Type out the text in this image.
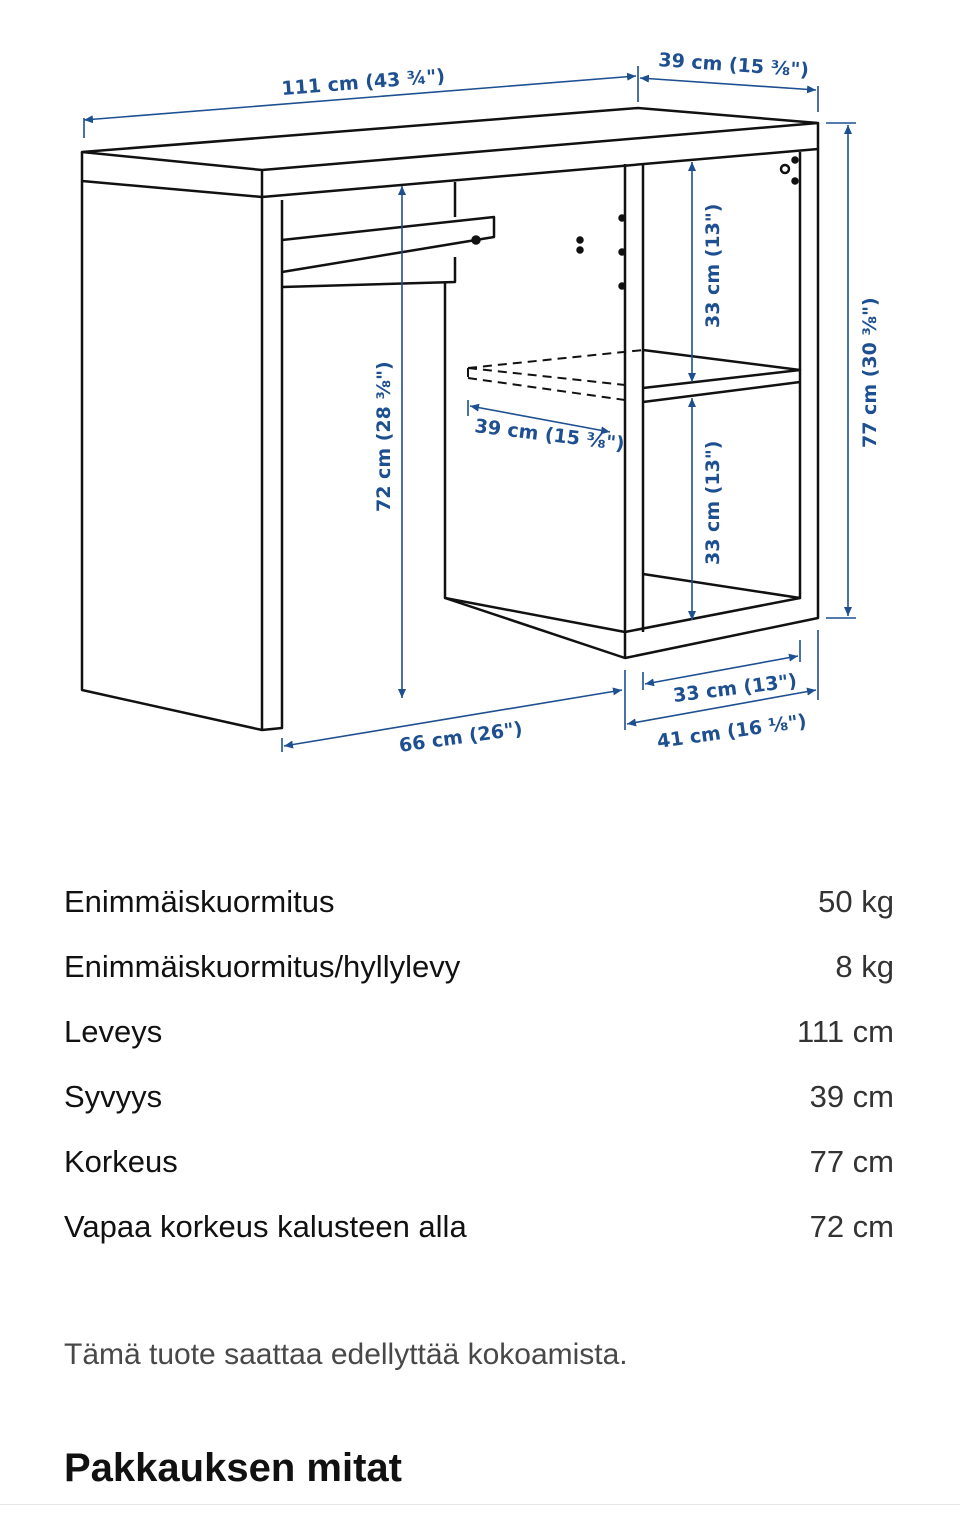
111 cm (43 ¾")	39 cm (15 ⅜")
33 cm (13")
33 cm (13")
77 cm (30 ⅜")
72 cm (28 ⅜")	39 cm (15 ⅜")
66 cm (26")
33 cm (13")
41 cm (16 ⅛")
Enimmäiskuormitus	50 kg
Enimmäiskuormitus/hyllylevy	8 kg
Leveys	111 cm
Syvyys	39 cm
Korkeus	77 cm
Vapaa korkeus kalusteen alla	72 cm

Tämä tuote saattaa edellyttää kokoamista.

Pakkauksen mitat
